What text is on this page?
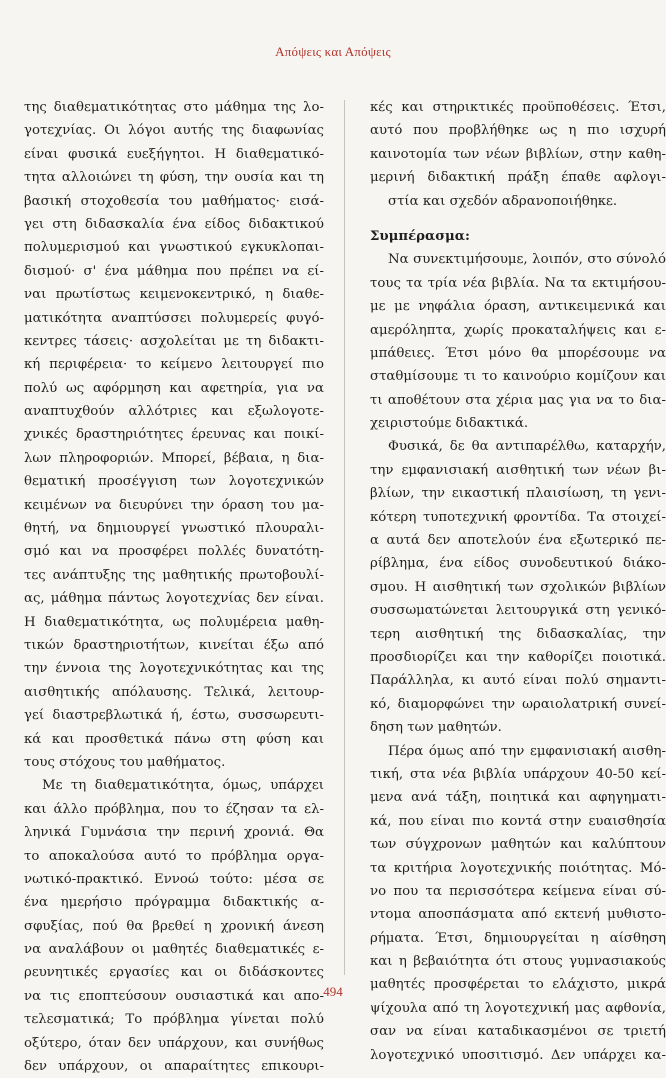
Απόψεις και Απόψεις
της διαθεματικότητας στο μάθημα της λο-
γοτεχνίας. Οι λόγοι αυτής της διαφωνίας
είναι φυσικά ευεξήγητοι. Η διαθεματικό-
τητα αλλοιώνει τη φύση, την ουσία και τη
βασική στοχοθεσία του μαθήματος· εισά-
γει στη διδασκαλία ένα είδος διδακτικού
πολυμερισμού και γνωστικού εγκυκλοπαι-
δισμού· σ' ένα μάθημα που πρέπει να εί-
ναι πρωτίστως κειμενοκεντρικό, η διαθε-
ματικότητα αναπτύσσει πολυμερείς φυγό-
κεντρες τάσεις· ασχολείται με τη διδακτι-
κή περιφέρεια· το κείμενο λειτουργεί πιο
πολύ ως αφόρμηση και αφετηρία, για να
αναπτυχθούν αλλότριες και εξωλογοτε-
χνικές δραστηριότητες έρευνας και ποικί-
λων πληροφοριών. Μπορεί, βέβαια, η δια-
θεματική προσέγγιση των λογοτεχνικών
κειμένων να διευρύνει την όραση του μα-
θητή, να δημιουργεί γνωστικό πλουραλι-
σμό και να προσφέρει πολλές δυνατότη-
τες ανάπτυξης της μαθητικής πρωτοβουλί-
ας, μάθημα πάντως λογοτεχνίας δεν είναι.
Η διαθεματικότητα, ως πολυμέρεια μαθη-
τικών δραστηριοτήτων, κινείται έξω από
την έννοια της λογοτεχνικότητας και της
αισθητικής απόλαυσης. Τελικά, λειτουρ-
γεί διαστρεβλωτικά ή, έστω, συσσωρευτι-
κά και προσθετικά πάνω στη φύση και
τους στόχους του μαθήματος.
Με τη διαθεματικότητα, όμως, υπάρχει
και άλλο πρόβλημα, που το έζησαν τα ελ-
ληνικά Γυμνάσια την περινή χρονιά. Θα
το αποκαλούσα αυτό το πρόβλημα οργα-
νωτικό-πρακτικό. Εννοώ τούτο: μέσα σε
ένα ημερήσιο πρόγραμμα διδακτικής α-
σφυξίας, πού θα βρεθεί η χρονική άνεση
να αναλάβουν οι μαθητές διαθεματικές ε-
ρευνητικές εργασίες και οι διδάσκοντες
να τις εποπτεύσουν ουσιαστικά και απο-
τελεσματικά; Το πρόβλημα γίνεται πολύ
οξύτερο, όταν δεν υπάρχουν, και συνήθως
δεν υπάρχουν, οι απαραίτητες επικουρι-
κές και στηρικτικές προϋποθέσεις. Έτσι,
αυτό που προβλήθηκε ως η πιο ισχυρή
καινοτομία των νέων βιβλίων, στην καθη-
μερινή διδακτική πράξη έπαθε αφλογι-
στία και σχεδόν αδρανοποιήθηκε.
Συμπέρασμα:
Να συνεκτιμήσουμε, λοιπόν, στο σύνολό
τους τα τρία νέα βιβλία. Να τα εκτιμήσου-
με με νηφάλια όραση, αντικειμενικά και
αμερόληπτα, χωρίς προκαταλήψεις και ε-
μπάθειες. Έτσι μόνο θα μπορέσουμε να
σταθμίσουμε τι το καινούριο κομίζουν και
τι αποθέτουν στα χέρια μας για να το δια-
χειριστούμε διδακτικά.
Φυσικά, δε θα αντιπαρέλθω, καταρχήν,
την εμφανισιακή αισθητική των νέων βι-
βλίων, την εικαστική πλαισίωση, τη γενι-
κότερη τυποτεχνική φροντίδα. Τα στοιχεί-
α αυτά δεν αποτελούν ένα εξωτερικό πε-
ρίβλημα, ένα είδος συνοδευτικού διάκο-
σμου. Η αισθητική των σχολικών βιβλίων
συσσωματώνεται λειτουργικά στη γενικό-
τερη αισθητική της διδασκαλίας, την
προσδιορίζει και την καθορίζει ποιοτικά.
Παράλληλα, κι αυτό είναι πολύ σημαντι-
κό, διαμορφώνει την ωραιολατρική συνεί-
δηση των μαθητών.
Πέρα όμως από την εμφανισιακή αισθη-
τική, στα νέα βιβλία υπάρχουν 40-50 κεί-
μενα ανά τάξη, ποιητικά και αφηγηματι-
κά, που είναι πιο κοντά στην ευαισθησία
των σύγχρονων μαθητών και καλύπτουν
τα κριτήρια λογοτεχνικής ποιότητας. Μό-
νο που τα περισσότερα κείμενα είναι σύ-
ντομα αποσπάσματα από εκτενή μυθιστο-
ρήματα. Έτσι, δημιουργείται η αίσθηση
και η βεβαιότητα ότι στους γυμνασιακούς
μαθητές προσφέρεται το ελάχιστο, μικρά
ψίχουλα από τη λογοτεχνική μας αφθονία,
σαν να είναι καταδικασμένοι σε τριετή
λογοτεχνικό υποσιτισμό. Δεν υπάρχει κα-
494
